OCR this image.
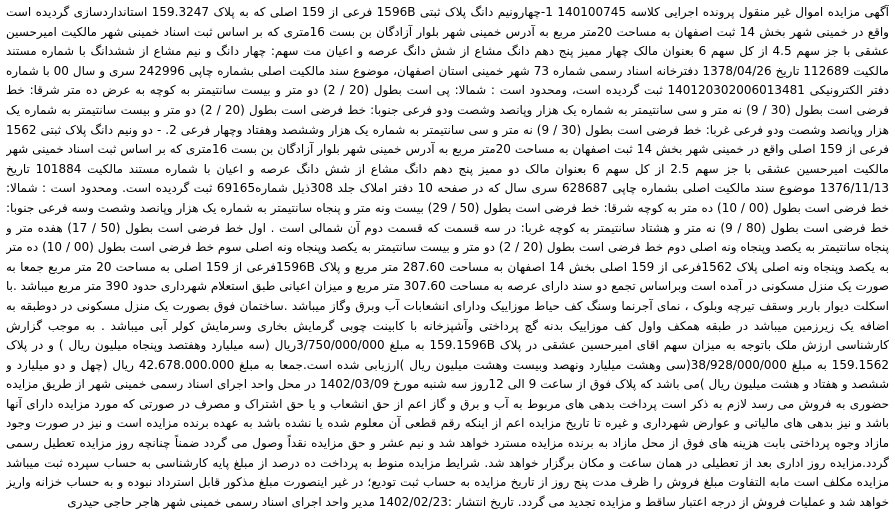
آگهی مزایده اموال غیر منقول پرونده اجرایی کلاسه 140100745 1-چهارونیم دانگ پلاک ثبتی 1596B فرعی از 159 اصلی که به پلاک 159.3247 استانداردسازی گردیده است واقع در خمینی شهر بخش 14 ثبت اصفهان به مساحت 20متر مربع به آدرس خمینی شهر بلوار آزادگان بن بست 16متری که بر اساس ثبت اسناد خمینی شهر مالکیت امیرحسین عشقی با جز سهم 4.5 از کل سهم 6 بعنوان مالک چهار ممیز پنج دهم دانگ مشاع از شش دانگ عرصه و اعیان مت سهم: چهار دانگ و نیم مشاع از ششدانگ با شماره مستند مالکیت 112689 تاریخ 1378/04/26 دفترخانه اسناد رسمی شماره 73 شهر خمینی استان اصفهان، موضوع سند مالکیت اصلی بشماره چاپی 242996 سری و سال 00 با شماره دفتر الکترونیکی 140120302006013481 ثبت گردیده است، ومحدود است : شمالا: پی است بطول (20 / 2) دو متر و بیست سانتیمتر به کوچه به عرض ده متر شرقا: خط فرضی است بطول (30 / 9) نه متر و سی سانتیمتر به شماره یک هزار وپانصد وشصت ودو فرعی جنوبا: خط فرضی است بطول (20 / 2) دو متر و بیست سانتیمتر به شماره یک هزار وپانصد وشصت ودو فرعی غربا: خط فرضی است بطول (30 / 9) نه متر و سی سانتیمتر به شماره یک هزار وششصد وهفتاد وچهار فرعی 2. - دو ونیم دانگ پلاک ثبتی 1562 فرعی از 159 اصلی واقع در خمینی شهر بخش 14 ثبت اصفهان به مساحت 20متر مربع به آدرس خمینی شهر بلوار آزادگان بن بست 16متری که بر اساس ثبت اسناد خمینی شهر مالکیت امیرحسین عشقی با جز سهم 2.5 از کل سهم 6 بعنوان مالک دو ممیز پنج دهم دانگ مشاع از شش دانگ عرصه و اعیان با شماره مستند مالکیت 101884 تاریخ 1376/11/13 موضوع سند مالکیت اصلی بشماره چاپی 628687 سری سال که در صفحه 10 دفتر املاک جلد 308ذیل شماره69165 ثبت گردیده است. ومحدود است : شمالا: خط فرضی است بطول (00 / 10) ده متر به کوچه شرقا: خط فرضی است بطول (50 / 29) بیست ونه متر و پنجاه سانتیمتر به شماره یک هزار وپانصد وشصت وسه فرعی جنوبا: خط فرضی است بطول (80 / 9) نه متر و هشتاد سانتیمتر به کوچه غربا: در سه قسمت که قسمت دوم آن شمالی است . اول خط فرضی است بطول (50 / 17) هفده متر و پنجاه سانتیمتر به یکصد وپنجاه ونه اصلی دوم خط فرضی است بطول (20 / 2) دو متر و بیست سانتیمتر به یکصد وپنجاه ونه اصلی سوم خط فرضی است بطول (00 / 10) ده متر به یکصد وپنجاه ونه اصلی پلاک 1562فرعی از 159 اصلی بخش 14 اصفهان به مساحت 287.60 متر مربع و پلاک 1596Bفرعی از 159 اصلی به مساحت 20 متر مربع جمعا به صورت یک منزل مسکونی در آمده است وبراساس تجمع دو سند دارای عرصه به مساحت 307.60 متر مربع و میزان اعیانی طبق استعلام شهرداری حدود 390 متر مربع میباشد .با اسکلت دیوار باربر وسقف تیرچه وبلوک ، نمای آجرنما وسنگ کف حیاط موزاییک وداراى انشعابات آب وبرق وگاز میباشد .ساختمان فوق بصورت یک منزل مسکونی در دوطبقه به اضافه یک زیرزمین میباشد در طبقه همکف واول کف موزاییک بدنه گچ پرداختی وآشپزخانه با کابینت چوبی گرمایش بخاری وسرمایش کولر آبی میباشد . به موجب گزارش کارشناسی ارزش ملک باتوجه به میزان سهم اقای امیرحسین عشقی در پلاک 159.1596B به مبلغ 3/750/000/000ریال (سه میلیارد وهفتصد وپنجاه میلیون ریال ) و در پلاک 159.1562 به مبلغ 38/928/000/000(سی وهشت میلیارد ونهصد وبیست وهشت میلیون ریال )ارزیابی شده است.جمعا به مبلغ 42.678.000.000 ریال (چهل و دو میلیارد و ششصد و هفتاد و هشت میلیون ریال )می باشد که پلاک فوق از ساعت 9 الی 12روز سه شنبه مورخ 1402/03/09 در محل واحد اجرای اسناد رسمی خمینی شهر از طریق مزایده حضوری به فروش می رسد لازم به ذکر است پرداخت بدهی های مربوط به آب و برق و گاز اعم از حق انشعاب و یا حق اشتراک و مصرف در صورتی که مورد مزایده دارای آنها باشد و نیز بدهی های مالیاتی و عوارض شهرداری و غیره تا تاریخ مزایده اعم از اینکه رقم قطعی آن معلوم شده یا نشده باشد به عهده برنده مزایده است و نیز در صورت وجود مازاد وجوه پرداختی بابت هزینه های فوق از محل مازاد به برنده مزایده مسترد خواهد شد و نیم عشر و حق مزایده نقداً وصول می گردد ضمناً چنانچه روز مزایده تعطیل رسمی گردد.مزایده روز اداری بعد از تعطیلی در همان ساعت و مکان برگزار خواهد شد. شرایط مزایده منوط به پرداخت ده درصد از مبلغ پایه کارشناسی به حساب سپرده ثبت میباشد مزایده مکلف است مابه التفاوت مبلغ فروش را ظرف مدت پنج روز از تاریخ مزایده به حساب ثبت تودیع؛ در غیر اینصورت مبلغ مذکور قابل استرداد نبوده و به حساب خزانه واریز خواهد شد و عملیات فروش از درجه اعتبار ساقط و مزایده تجدید می گردد. تاریخ انتشار :1402/02/23 مدیر واحد اجرای اسناد رسمی خمینی شهر هاجر حاجی حیدری
